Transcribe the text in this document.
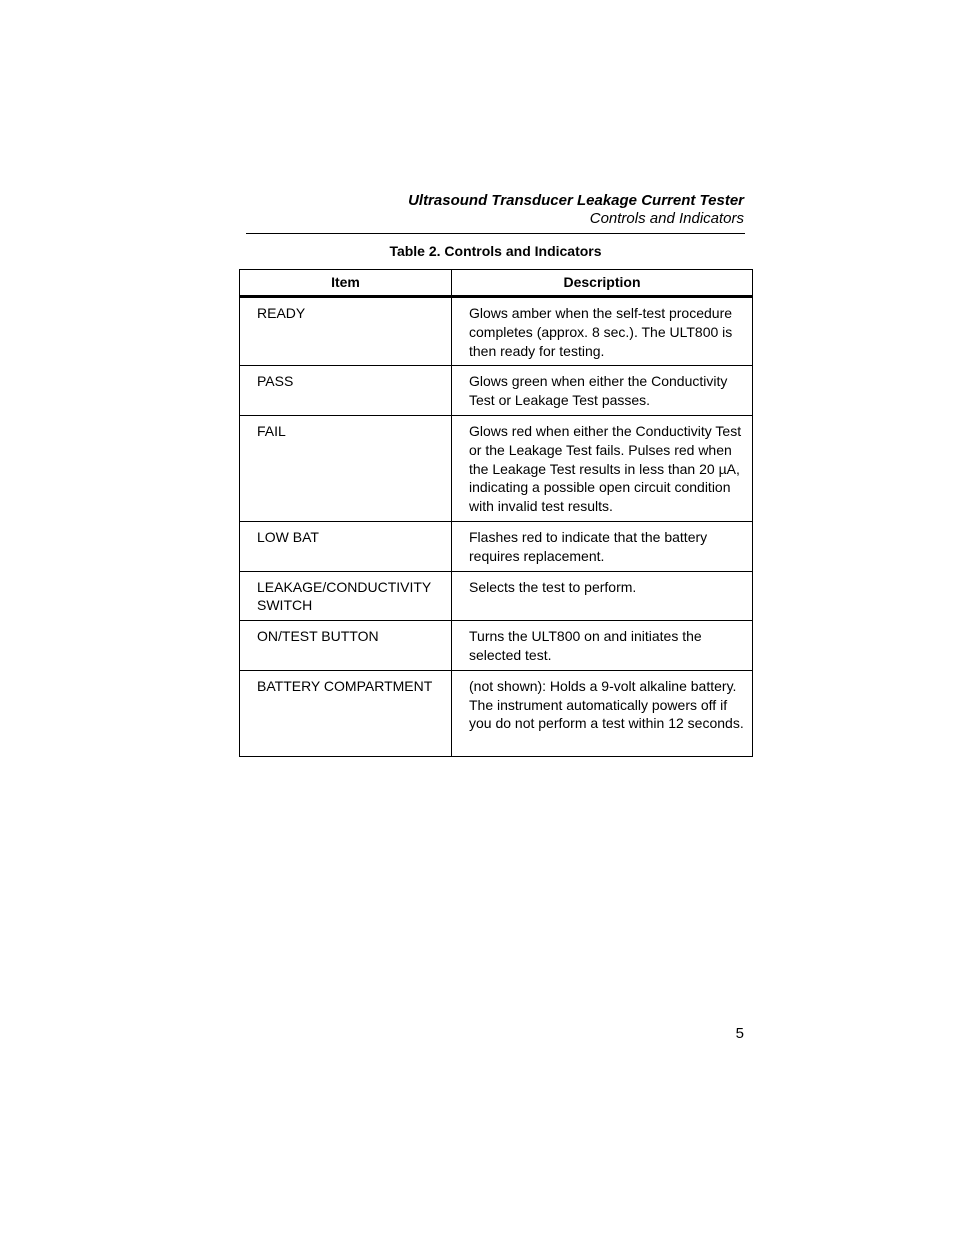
Ultrasound Transducer Leakage Current Tester
Controls and Indicators
Table 2. Controls and Indicators
Item	Description
READY	Glows amber when the self-test procedure completes (approx. 8 sec.). The ULT800 is then ready for testing.
PASS	Glows green when either the Conductivity Test or Leakage Test passes.
FAIL	Glows red when either the Conductivity Test or the Leakage Test fails. Pulses red when the Leakage Test results in less than 20 µA, indicating a possible open circuit condition with invalid test results.
LOW BAT	Flashes red to indicate that the battery requires replacement.
LEAKAGE/CONDUCTIVITY SWITCH	Selects the test to perform.
ON/TEST BUTTON	Turns the ULT800 on and initiates the selected test.
BATTERY COMPARTMENT	(not shown): Holds a 9-volt alkaline battery. The instrument automatically powers off if you do not perform a test within 12 seconds.
5
